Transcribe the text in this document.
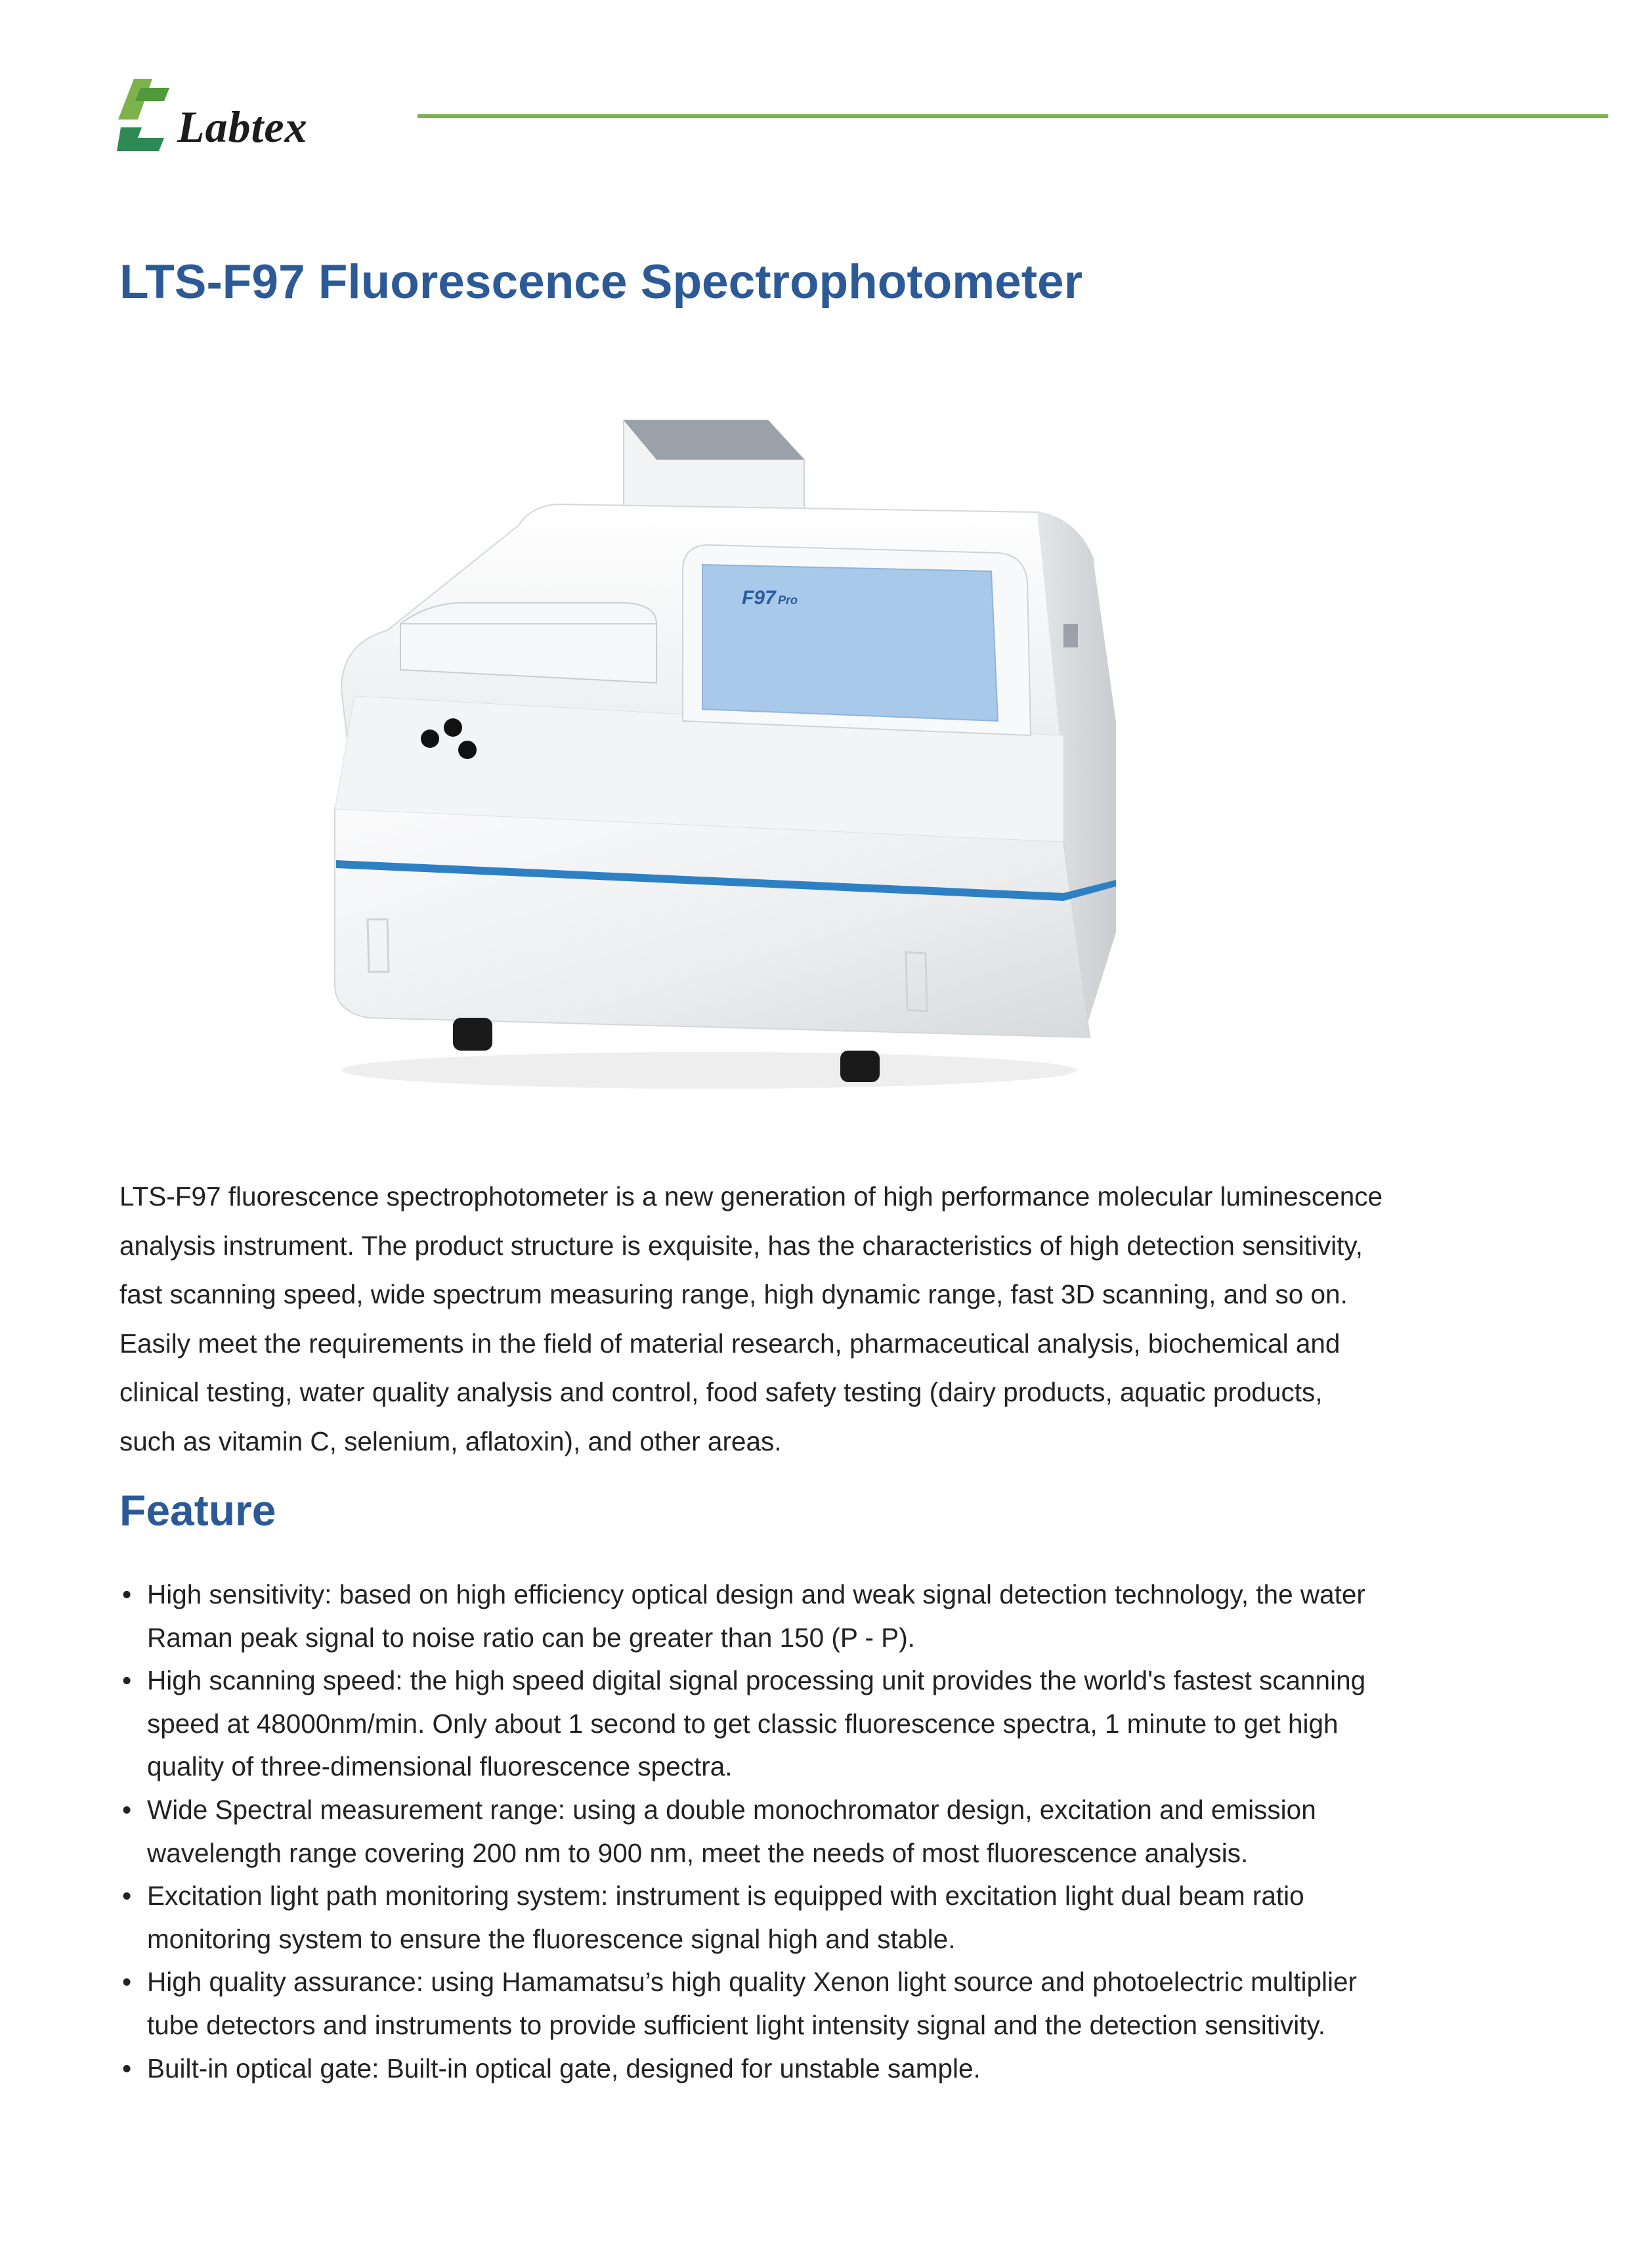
Labtex
LTS-F97 Fluorescence Spectrophotometer
F97 Pro

LTS-F97 fluorescence spectrophotometer is a new generation of high performance molecular luminescence
analysis instrument. The product structure is exquisite, has the characteristics of high detection sensitivity,
fast scanning speed, wide spectrum measuring range, high dynamic range, fast 3D scanning, and so on.
Easily meet the requirements in the field of material research, pharmaceutical analysis, biochemical and
clinical testing, water quality analysis and control, food safety testing (dairy products, aquatic products,
such as vitamin C, selenium, aflatoxin), and other areas.

Feature
• High sensitivity: based on high efficiency optical design and weak signal detection technology, the water
Raman peak signal to noise ratio can be greater than 150 (P - P).
• High scanning speed: the high speed digital signal processing unit provides the world's fastest scanning
speed at 48000nm/min. Only about 1 second to get classic fluorescence spectra, 1 minute to get high
quality of three-dimensional fluorescence spectra.
• Wide Spectral measurement range: using a double monochromator design, excitation and emission
wavelength range covering 200 nm to 900 nm, meet the needs of most fluorescence analysis.
• Excitation light path monitoring system: instrument is equipped with excitation light dual beam ratio
monitoring system to ensure the fluorescence signal high and stable.
• High quality assurance: using Hamamatsu’s high quality Xenon light source and photoelectric multiplier
tube detectors and instruments to provide sufficient light intensity signal and the detection sensitivity.
• Built-in optical gate: Built-in optical gate, designed for unstable sample.
